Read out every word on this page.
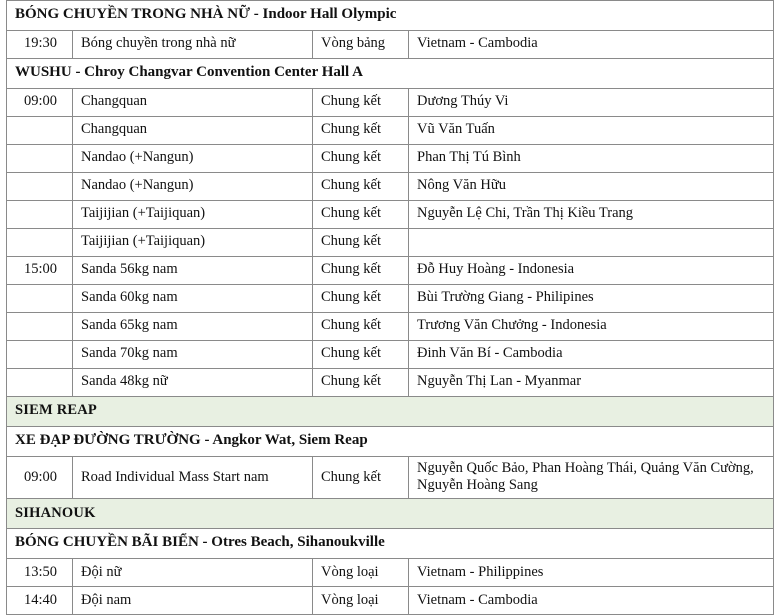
BÓNG CHUYỀN TRONG NHÀ NỮ - Indoor Hall Olympic			
19:30	Bóng chuyền trong nhà nữ	Vòng bảng	Vietnam - Cambodia
WUSHU - Chroy Changvar Convention Center Hall A			
09:00	Changquan	Chung kết	Dương Thúy Vi
	Changquan	Chung kết	Vũ Văn Tuấn
	Nandao (+Nangun)	Chung kết	Phan Thị Tú Bình
	Nandao (+Nangun)	Chung kết	Nông Văn Hữu
	Taijijian (+Taijiquan)	Chung kết	Nguyễn Lệ Chi, Trần Thị Kiều Trang
	Taijijian (+Taijiquan)	Chung kết	
15:00	Sanda 56kg nam	Chung kết	Đỗ Huy Hoàng - Indonesia
	Sanda 60kg nam	Chung kết	Bùi Trường Giang - Philipines
	Sanda 65kg nam	Chung kết	Trương Văn Chưởng - Indonesia
	Sanda 70kg nam	Chung kết	Đinh Văn Bí - Cambodia
	Sanda 48kg nữ	Chung kết	Nguyễn Thị Lan - Myanmar
SIEM REAP			
XE ĐẠP ĐƯỜNG TRƯỜNG - Angkor Wat, Siem Reap			
09:00	Road Individual Mass Start nam	Chung kết	Nguyễn Quốc Bảo, Phan Hoàng Thái, Quảng Văn Cường, Nguyễn Hoàng Sang
SIHANOUK			
BÓNG CHUYỀN BÃI BIỂN - Otres Beach, Sihanoukville			
13:50	Đội nữ	Vòng loại	Vietnam - Philippines
14:40	Đội nam	Vòng loại	Vietnam - Cambodia
